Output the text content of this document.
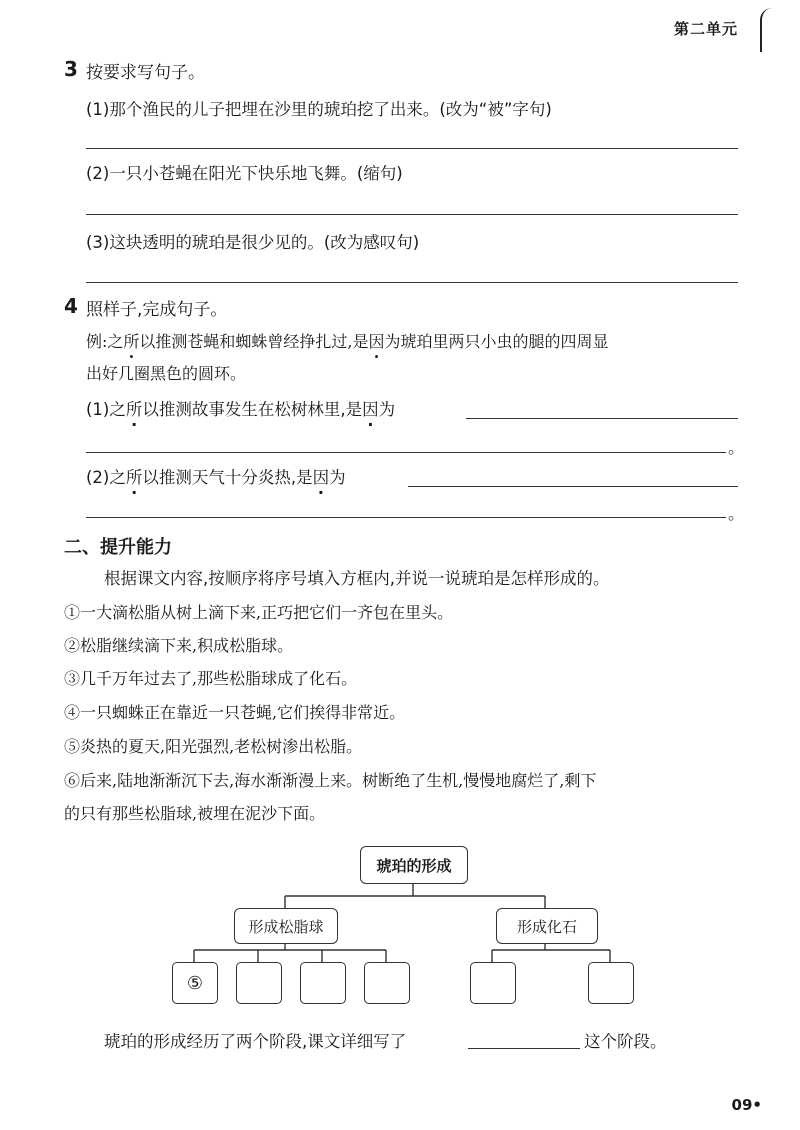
第二单元
3 按要求写句子。
(1)那个渔民的儿子把埋在沙里的琥珀挖了出来。(改为“被”字句)
(2)一只小苍蝇在阳光下快乐地飞舞。(缩句)
(3)这块透明的琥珀是很少见的。(改为感叹句)
4 照样子,完成句子。
例:之所以推测苍蝇和蜘蛛曾经挣扎过,是因为琥珀里两只小虫的腿的四周显
出好几圈黑色的圆环。
(1)之所以推测故事发生在松树林里,是因为
。
(2)之所以推测天气十分炎热,是因为
。
二、提升能力
根据课文内容,按顺序将序号填入方框内,并说一说琥珀是怎样形成的。
①一大滴松脂从树上滴下来,正巧把它们一齐包在里头。
②松脂继续滴下来,积成松脂球。
③几千万年过去了,那些松脂球成了化石。
④一只蜘蛛正在靠近一只苍蝇,它们挨得非常近。
⑤炎热的夏天,阳光强烈,老松树渗出松脂。
⑥后来,陆地渐渐沉下去,海水渐渐漫上来。树断绝了生机,慢慢地腐烂了,剩下
的只有那些松脂球,被埋在泥沙下面。
琥珀的形成
形成松脂球	形成化石
⑤
琥珀的形成经历了两个阶段,课文详细写了	这个阶段。
09•
